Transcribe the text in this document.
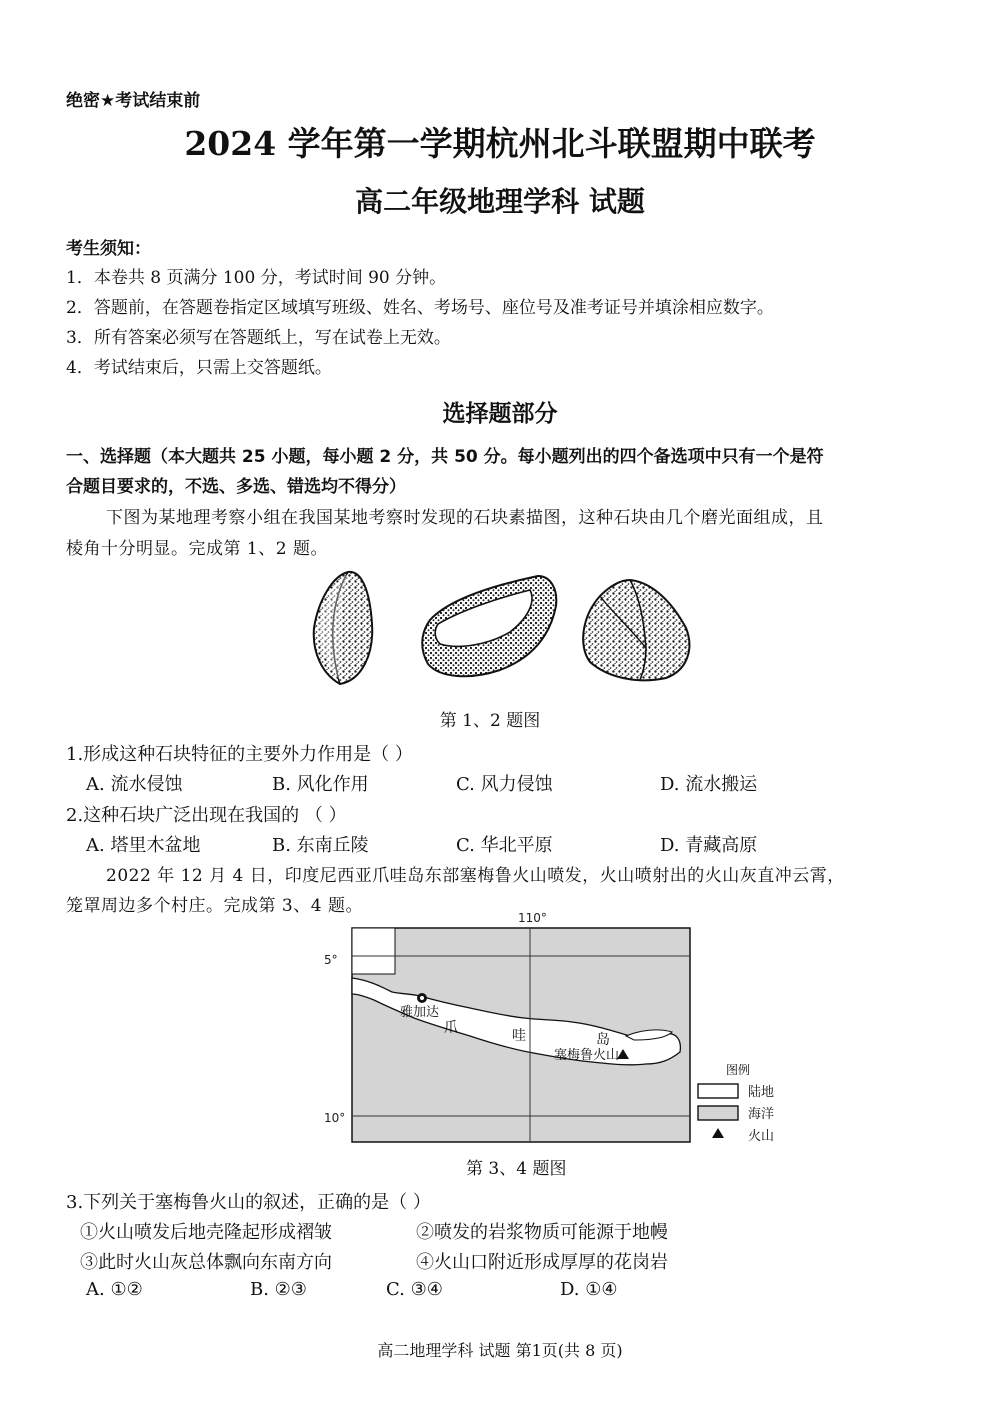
绝密★考试结束前
2024 学年第一学期杭州北斗联盟期中联考
高二年级地理学科 试题
考生须知：
1．本卷共 8 页满分 100 分，考试时间 90 分钟。
2．答题前，在答题卷指定区域填写班级、姓名、考场号、座位号及准考证号并填涂相应数字。
3．所有答案必须写在答题纸上，写在试卷上无效。
4．考试结束后，只需上交答题纸。
选择题部分
一、选择题（本大题共 25 小题，每小题 2 分，共 50 分。每小题列出的四个备选项中只有一个是符
合题目要求的，不选、多选、错选均不得分）
下图为某地理考察小组在我国某地考察时发现的石块素描图，这种石块由几个磨光面组成，且
棱角十分明显。完成第 1、2 题。
第 1、2 题图
1.形成这种石块特征的主要外力作用是（ ）
A. 流水侵蚀	B. 风化作用	C. 风力侵蚀	D. 流水搬运
2.这种石块广泛出现在我国的 （ ）
A. 塔里木盆地	B. 东南丘陵	C. 华北平原	D. 青藏高原
2022 年 12 月 4 日，印度尼西亚爪哇岛东部塞梅鲁火山喷发，火山喷射出的火山灰直冲云霄，
笼罩周边多个村庄。完成第 3、4 题。
110°
5°
10°
雅加达
爪	哇	岛
塞梅鲁火山
图例
陆地
海洋
火山
第 3、4 题图
3.下列关于塞梅鲁火山的叙述，正确的是（ ）
①火山喷发后地壳隆起形成褶皱	②喷发的岩浆物质可能源于地幔
③此时火山灰总体飘向东南方向	④火山口附近形成厚厚的花岗岩
A. ①②	B. ②③	C. ③④	D. ①④
高二地理学科 试题 第1页(共 8 页)
